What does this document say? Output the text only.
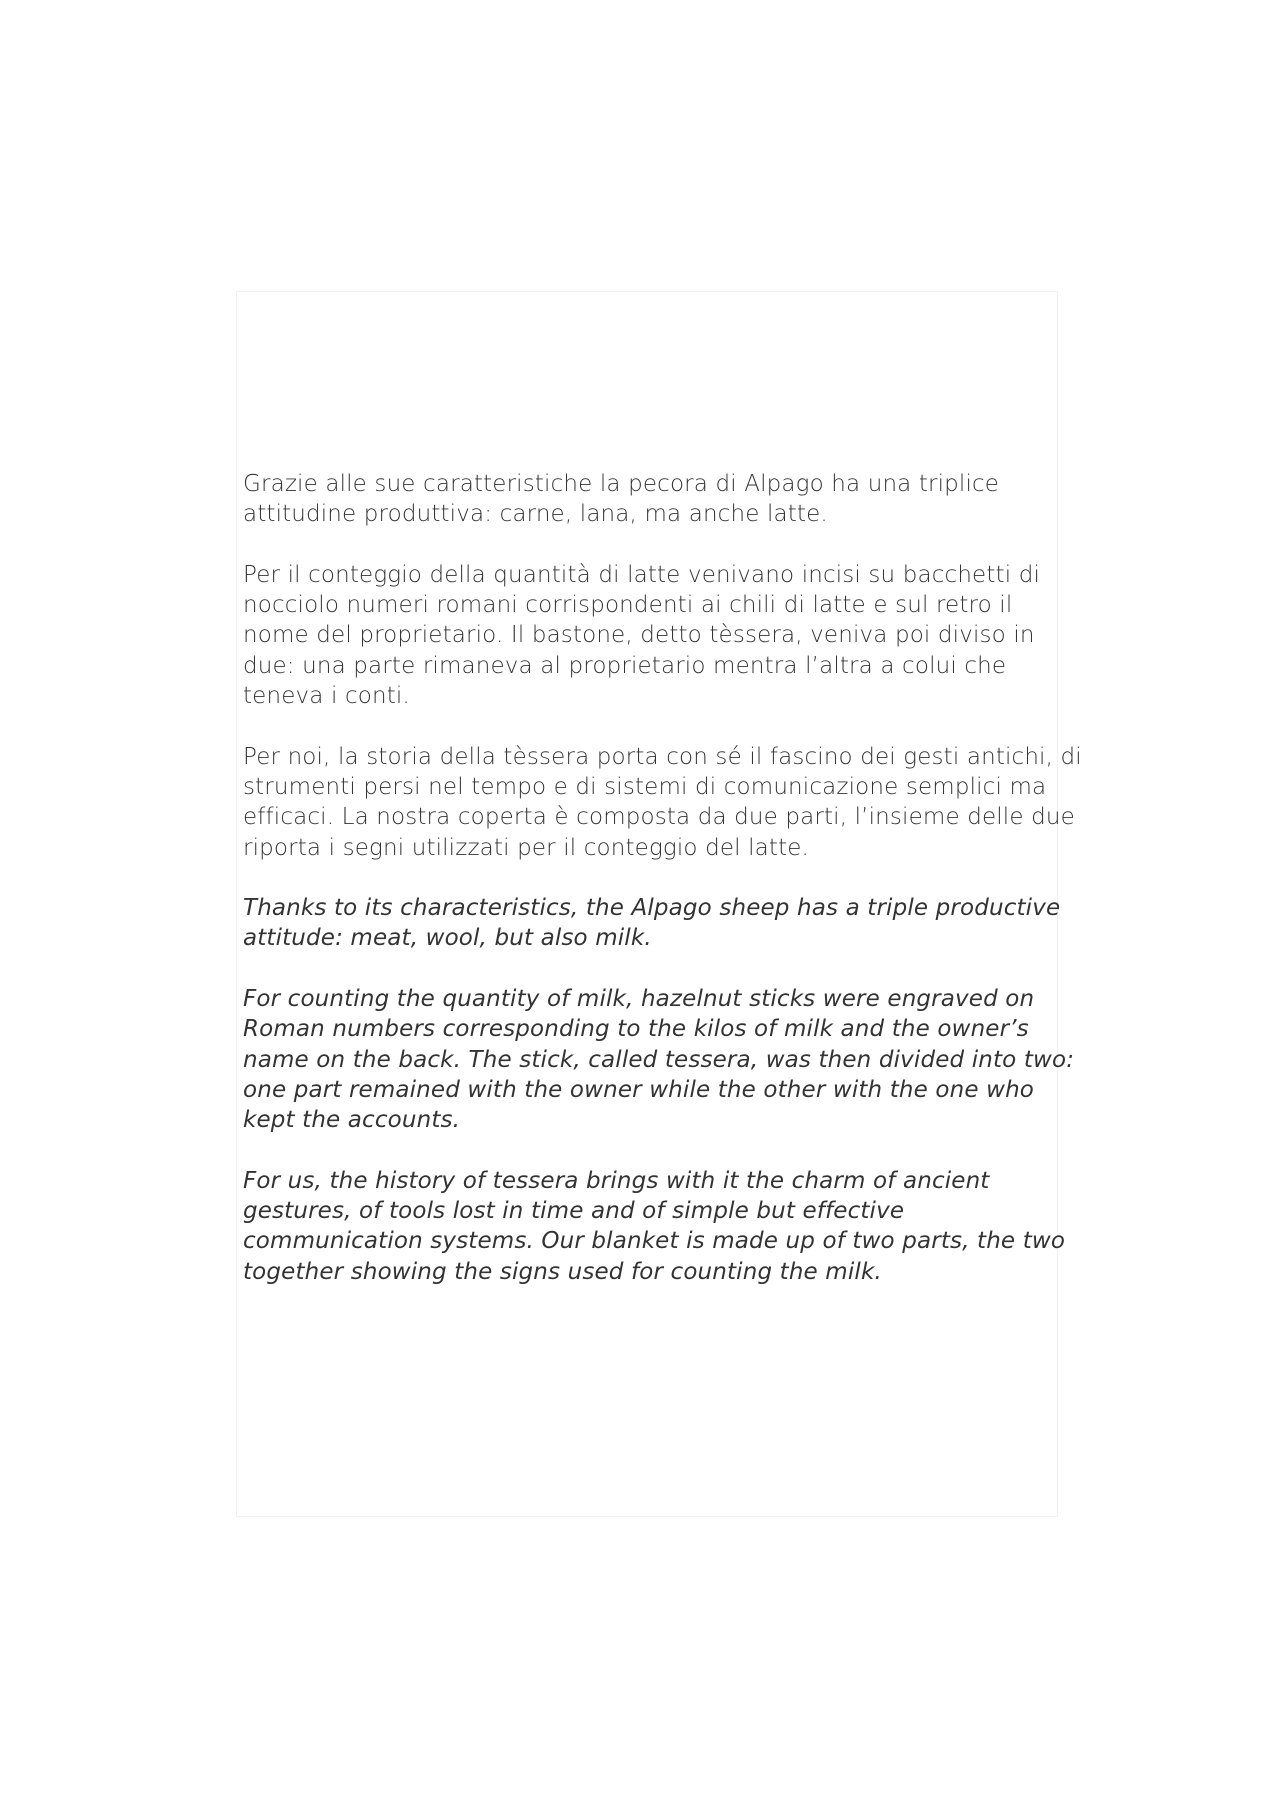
Grazie alle sue caratteristiche la pecora di Alpago ha una triplice
attitudine produttiva: carne, lana, ma anche latte.

Per il conteggio della quantità di latte venivano incisi su bacchetti di
nocciolo numeri romani corrispondenti ai chili di latte e sul retro il
nome del proprietario. Il bastone, detto tèssera, veniva poi diviso in
due: una parte rimaneva al proprietario mentra l’altra a colui che
teneva i conti.

Per noi, la storia della tèssera porta con sé il fascino dei gesti antichi, di
strumenti persi nel tempo e di sistemi di comunicazione semplici ma
efficaci. La nostra coperta è composta da due parti, l’insieme delle due
riporta i segni utilizzati per il conteggio del latte.

Thanks to its characteristics, the Alpago sheep has a triple productive
attitude: meat, wool, but also milk.

For counting the quantity of milk, hazelnut sticks were engraved on
Roman numbers corresponding to the kilos of milk and the owner’s
name on the back. The stick, called tessera, was then divided into two:
one part remained with the owner while the other with the one who
kept the accounts.

For us, the history of tessera brings with it the charm of ancient
gestures, of tools lost in time and of simple but effective
communication systems. Our blanket is made up of two parts, the two
together showing the signs used for counting the milk.
